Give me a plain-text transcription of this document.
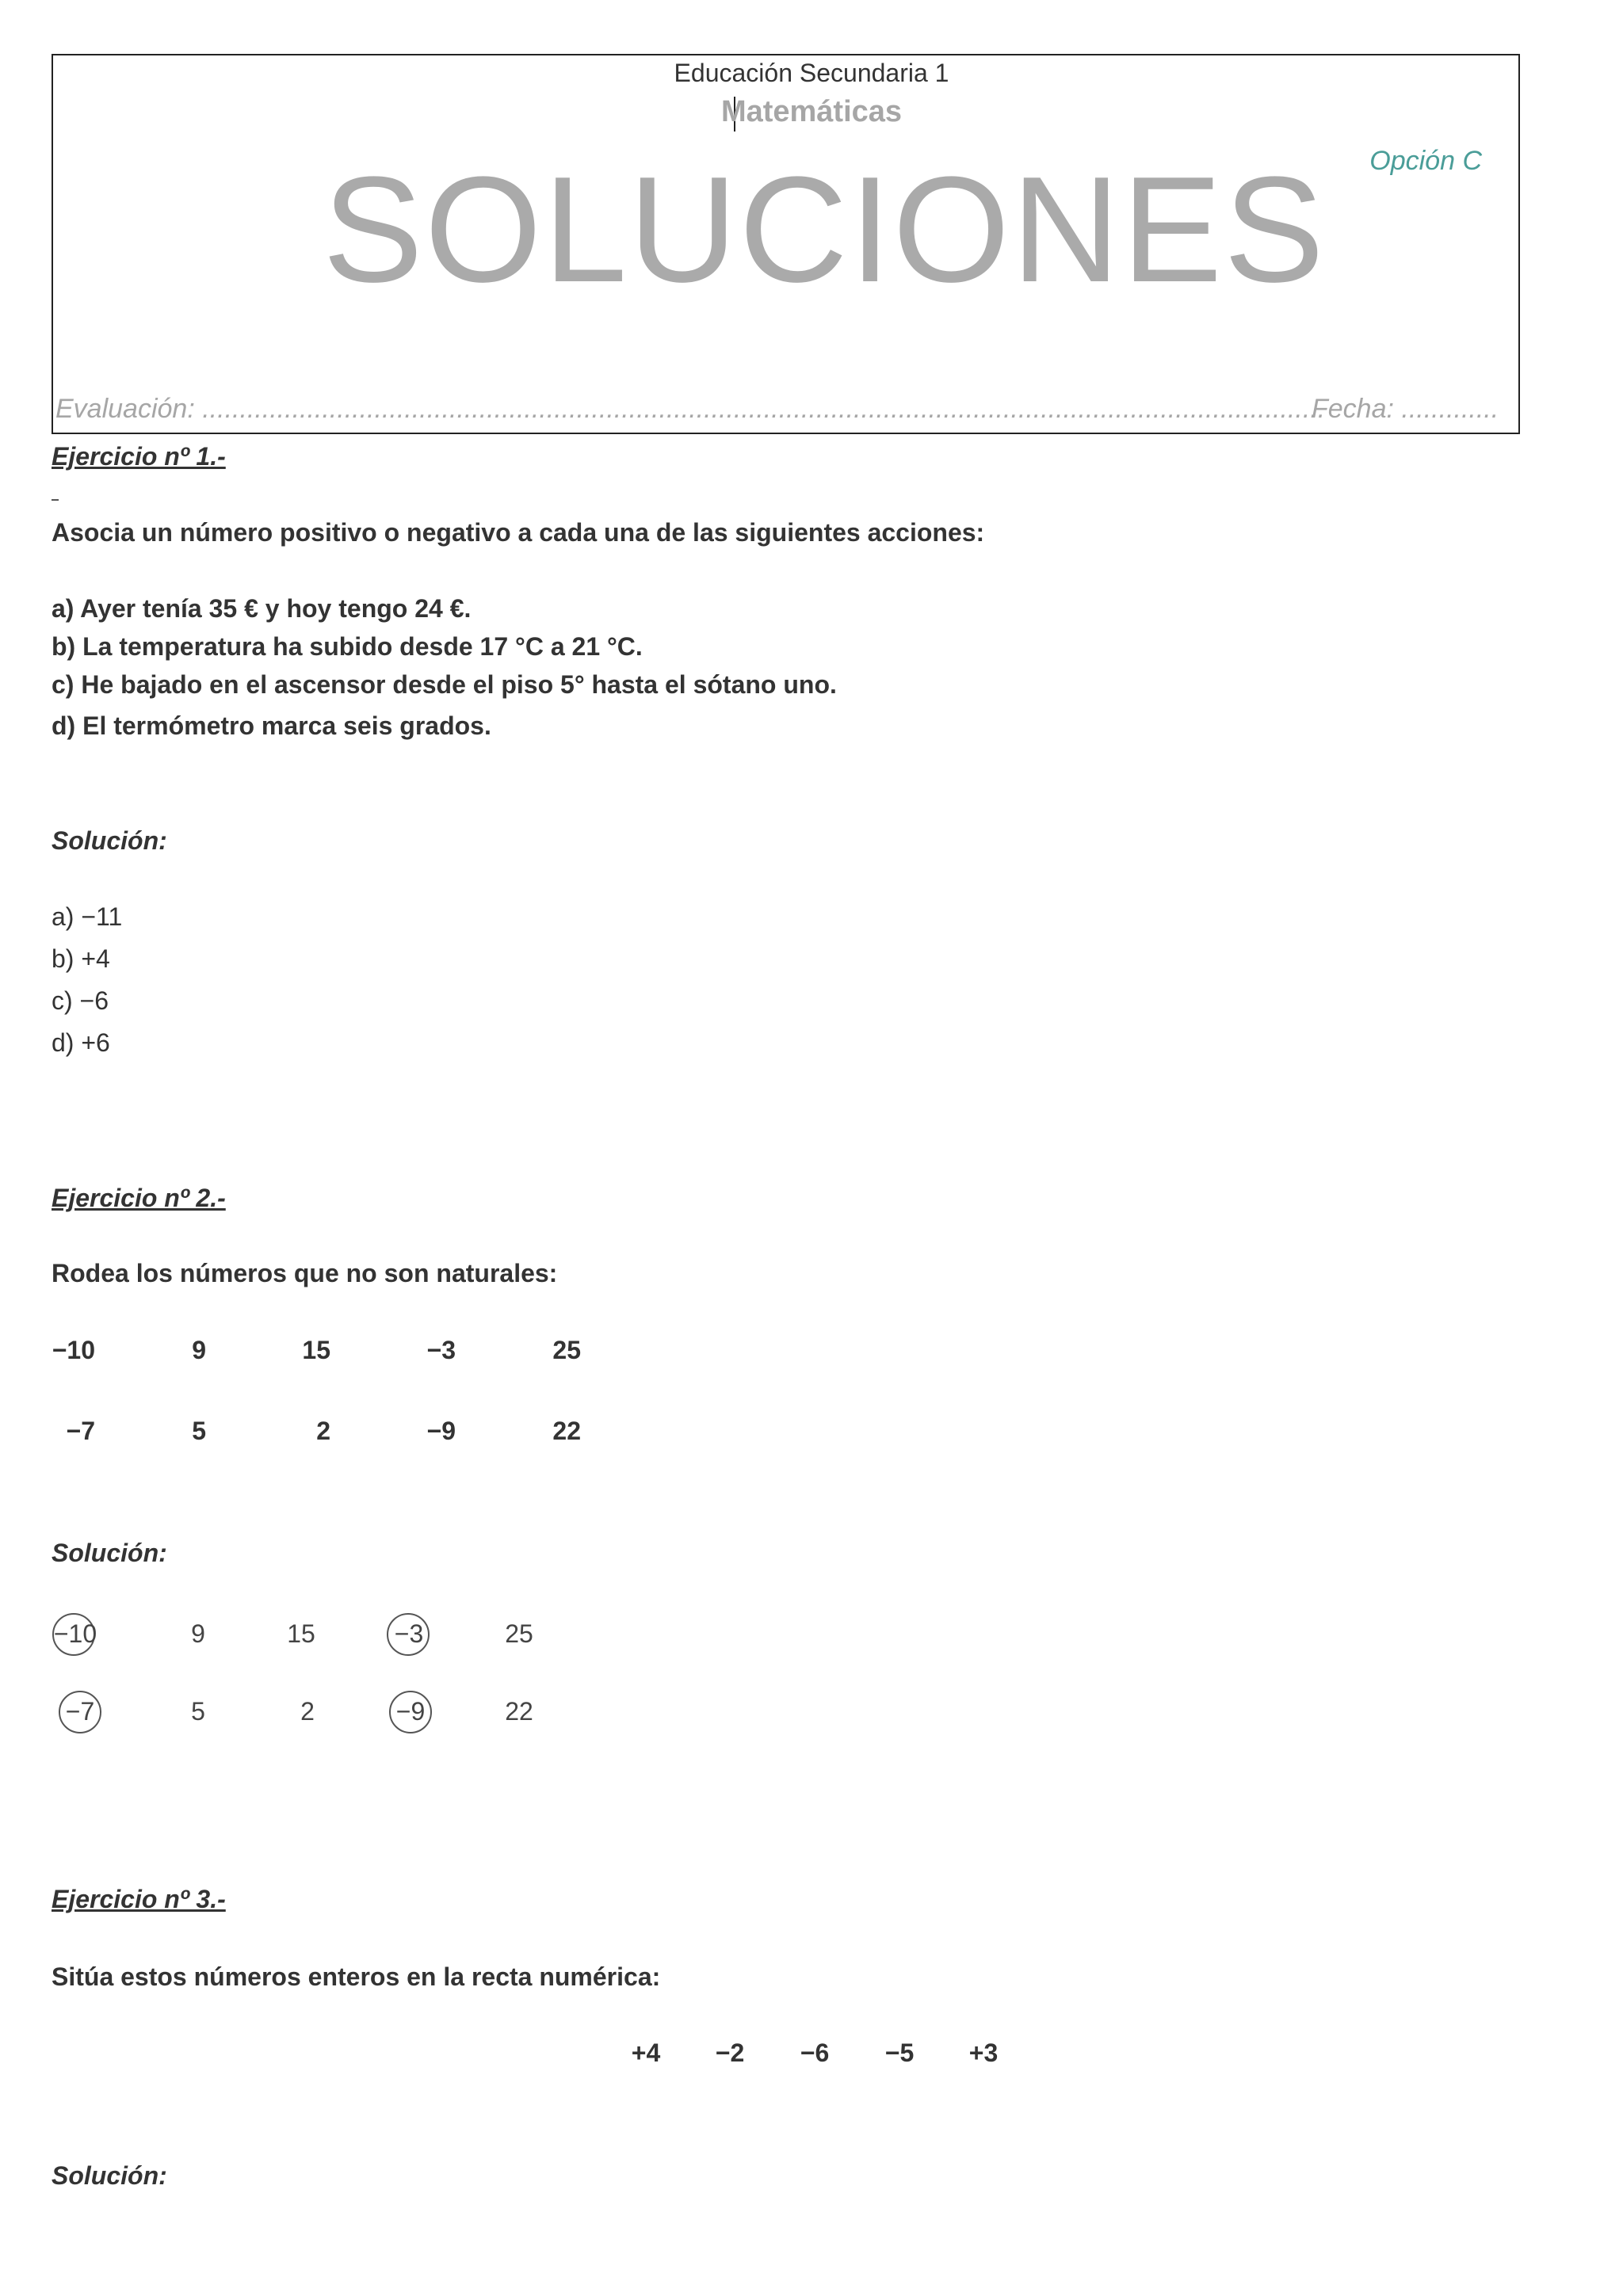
Educación Secundaria 1
Matemáticas
Opción C
SOLUCIONES
Evaluación: ......................................................................................................................................................
Fecha: .............
Ejercicio nº 1.-
Asocia un número positivo o negativo a cada una de las siguientes acciones:
a) Ayer tenía 35 € y hoy tengo 24 €.
b) La temperatura ha subido desde 17 °C a 21 °C.
c) He bajado en el ascensor desde el piso 5° hasta el sótano uno.
d) El termómetro marca seis grados.
Solución:
a) −11
b) +4
c) −6
d) +6
Ejercicio nº 2.-
Rodea los números que no son naturales:
−10	9	15	−3	25
−7	5	2	−9	22
Solución:
−10	9	15	−3	25
−7	5	2	−9	22
Ejercicio nº 3.-
Sitúa estos números enteros en la recta numérica:
+4	−2	−6	−5	+3
Solución:
